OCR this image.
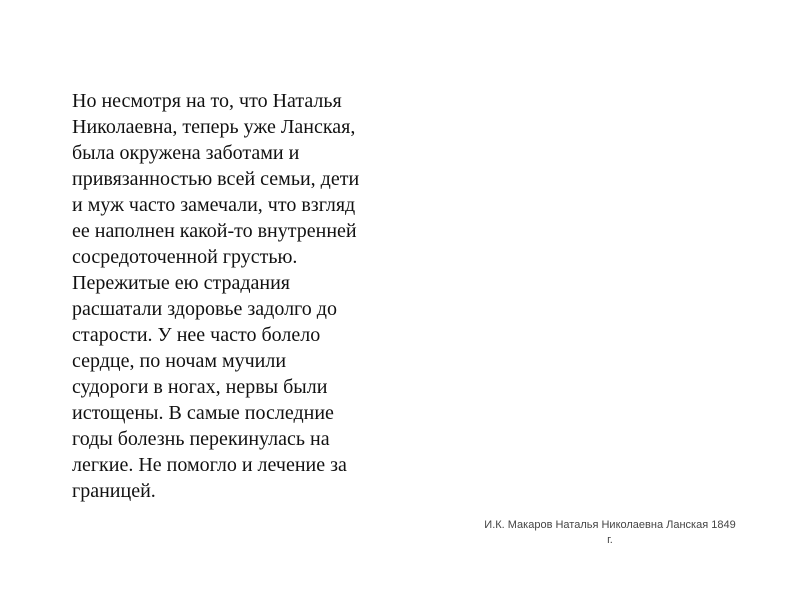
Но несмотря на то, что Наталья
Николаевна, теперь уже Ланская,
была окружена заботами и
привязанностью всей семьи, дети
и муж часто замечали, что взгляд
ее наполнен какой-то внутренней
сосредоточенной грустью.
Пережитые ею страдания
расшатали здоровье задолго до
старости. У нее часто болело
сердце, по ночам мучили
судороги в ногах, нервы были
истощены. В самые последние
годы болезнь перекинулась на
легкие. Не помогло и лечение за
границей.
И.К. Макаров Наталья Николаевна Ланская 1849
г.
